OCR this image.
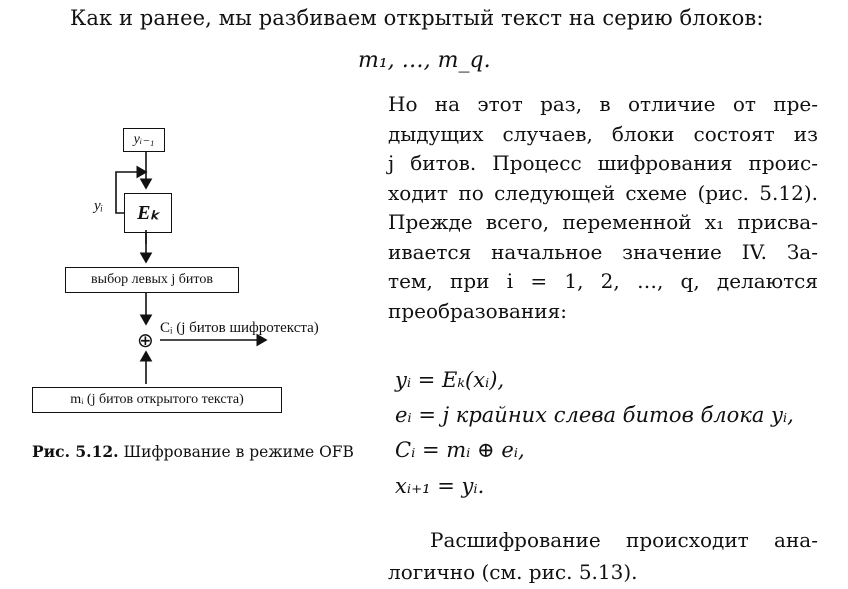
Как и ранее, мы разбиваем открытый текст на серию блоков:
m₁, …, m_q.
Но на этот раз, в отличие от пре-
дыдущих случаев, блоки состоят из
j битов. Процесс шифрования проис-
ходит по следующей схеме (рис. 5.12).
Прежде всего, переменной x₁ присва-
ивается начальное значение IV. За-
тем, при i = 1, 2, …, q, делаются
преобразования:
yᵢ = Eₖ(xᵢ),
eᵢ = j крайних слева битов блока yᵢ,
Cᵢ = mᵢ ⊕ eᵢ,
xᵢ₊₁ = yᵢ.
Расшифрование происходит ана-
логично (см. рис. 5.13).
yᵢ₋₁
yᵢ	Eₖ
выбор левых j битов
⊕
Cᵢ (j битов шифротекста)
mᵢ (j битов открытого текста)
Рис. 5.12. Шифрование в режиме OFB
